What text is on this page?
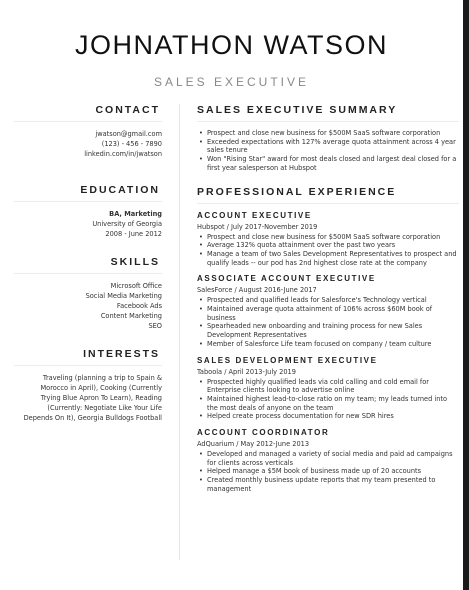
JOHNATHON WATSON
SALES EXECUTIVE
CONTACT
jwatson@gmail.com
(123) - 456 - 7890
linkedin.com/in/jwatson
EDUCATION
BA, Marketing
University of Georgia
2008 - June 2012
SKILLS
Microsoft Office
Social Media Marketing
Facebook Ads
Content Marketing
SEO
INTERESTS
Traveling (planning a trip to Spain &
Morocco in April), Cooking (Currently
Trying Blue Apron To Learn), Reading
(Currently: Negotiate Like Your Life
Depends On It), Georgia Bulldogs Football
SALES EXECUTIVE SUMMARY
• Prospect and close new business for $500M SaaS software corporation
• Exceeded expectations with 127% average quota attainment across 4 year sales tenure
• Won "Rising Star" award for most deals closed and largest deal closed for a first year salesperson at Hubspot
PROFESSIONAL EXPERIENCE
ACCOUNT EXECUTIVE
Hubspot / July 2017-November 2019
• Prospect and close new business for $500M SaaS software corporation
• Average 132% quota attainment over the past two years
• Manage a team of two Sales Development Representatives to prospect and qualify leads -- our pod has 2nd highest close rate at the company
ASSOCIATE ACCOUNT EXECUTIVE
SalesForce / August 2016-June 2017
• Prospected and qualified leads for Salesforce's Technology vertical
• Maintained average quota attainment of 106% across $60M book of business
• Spearheaded new onboarding and training process for new Sales Development Representatives
• Member of Salesforce Life team focused on company / team culture
SALES DEVELOPMENT EXECUTIVE
Taboola / April 2013-July 2019
• Prospected highly qualified leads via cold calling and cold email for Enterprise clients looking to advertise online
• Maintained highest lead-to-close ratio on my team; my leads turned into the most deals of anyone on the team
• Helped create process documentation for new SDR hires
ACCOUNT COORDINATOR
AdQuarium / May 2012-June 2013
• Developed and managed a variety of social media and paid ad campaigns for clients across verticals
• Helped manage a $5M book of business made up of 20 accounts
• Created monthly business update reports that my team presented to management
